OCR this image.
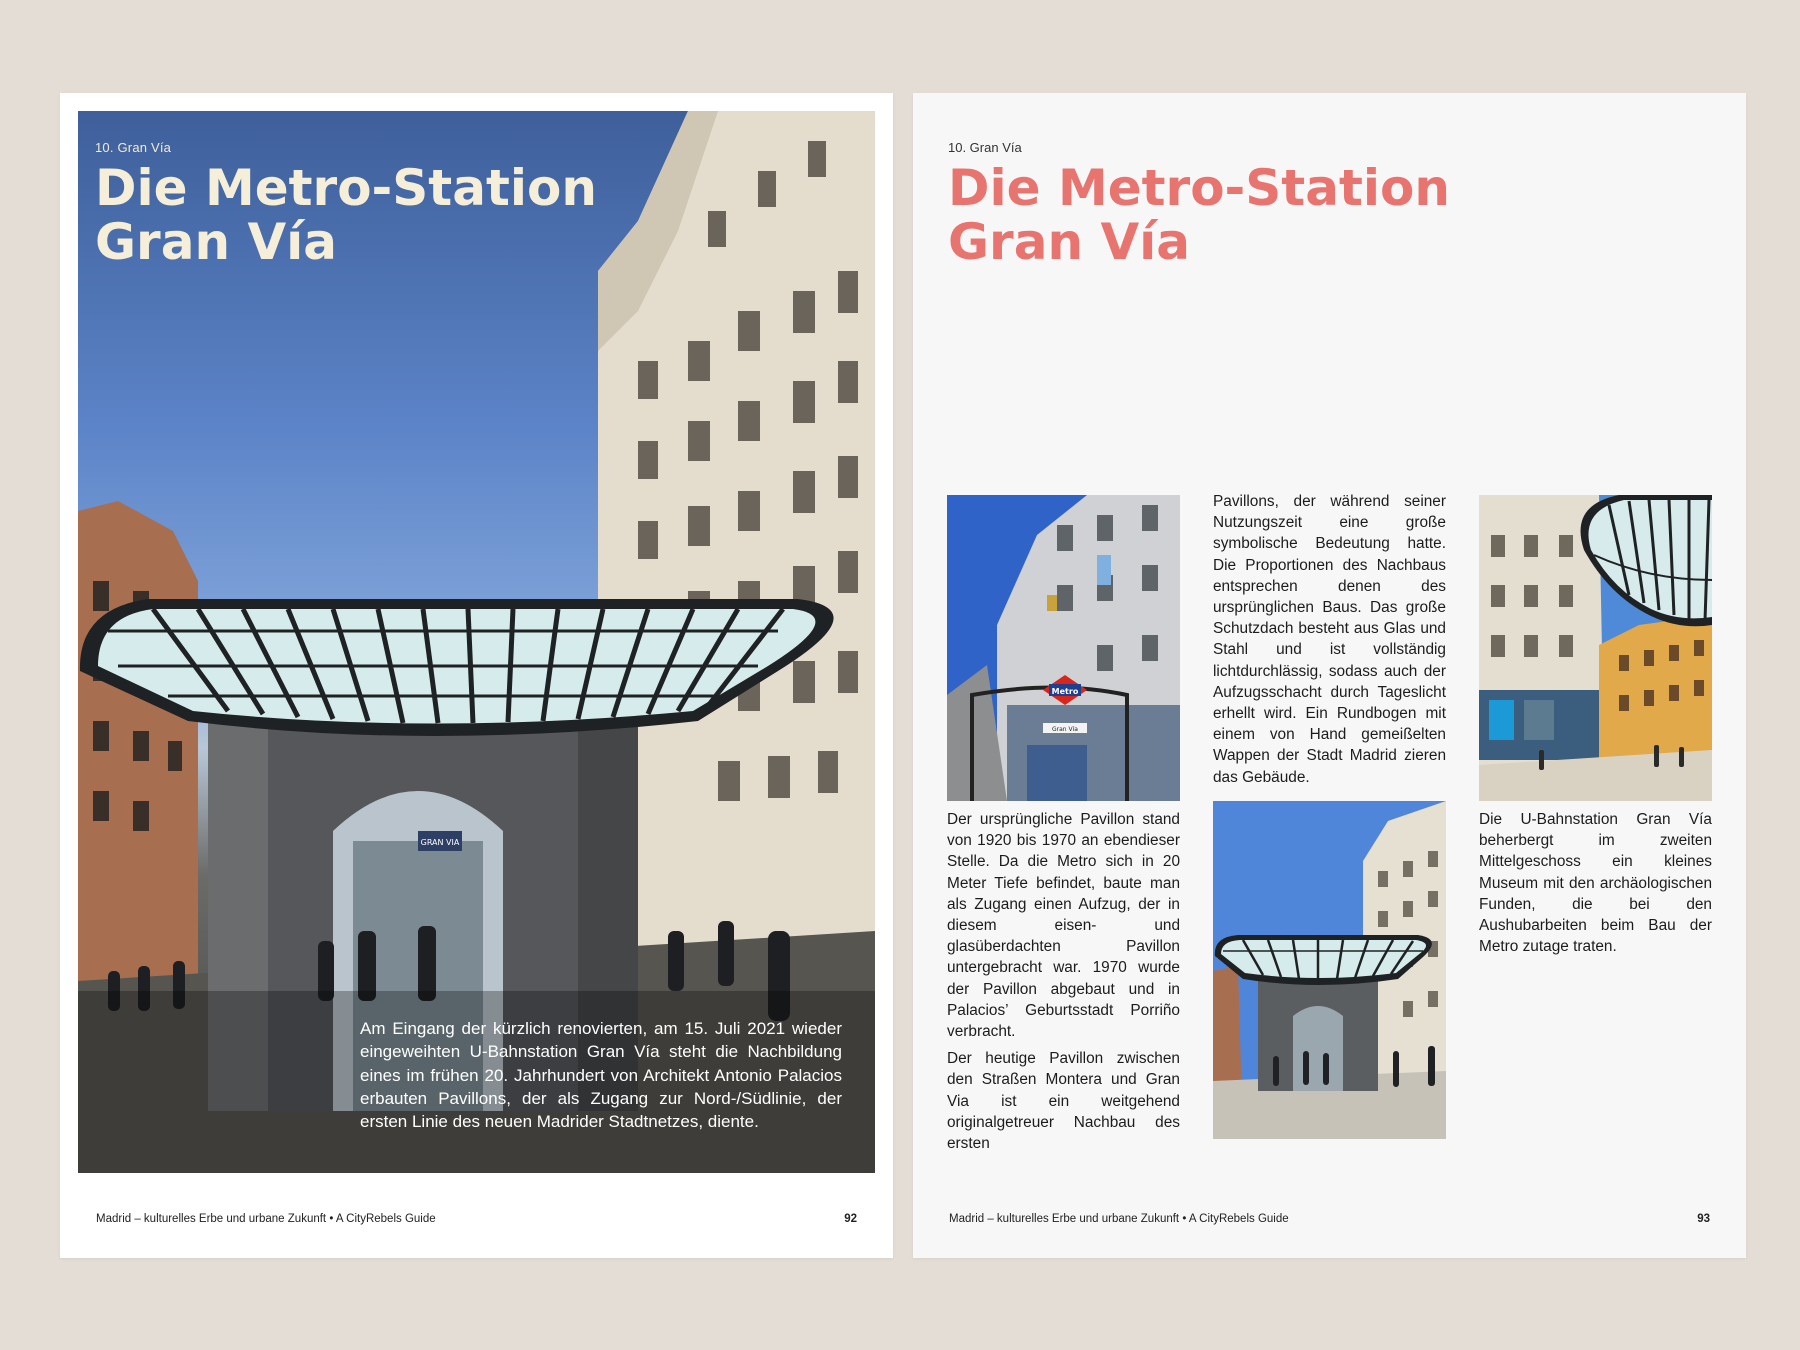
GRAN VIA
10. Gran Vía
Die Metro-Station
Gran Vía

Am Eingang der kürzlich renovierten, am 15. Juli 2021 wieder eingeweihten U-Bahnstation Gran Vía steht die Nachbildung eines im frühen 20. Jahrhundert von Architekt Antonio Palacios erbauten Pavillons, der als Zugang zur Nord-/Südlinie, der ersten Linie des neuen Madrider Stadtnetzes, diente.

Madrid – kulturelles Erbe und urbane Zukunft • A CityRebels Guide	92
10. Gran Vía
Die Metro-Station
Gran Vía
Metro
Gran Vía

Der ursprüngliche Pavillon stand von 1920 bis 1970 an ebendieser Stelle. Da die Metro sich in 20 Meter Tiefe befindet, baute man als Zugang einen Aufzug, der in diesem eisen- und glasüberdachten Pavillon untergebracht war. 1970 wurde der Pavillon abgebaut und in Palacios’ Geburtsstadt Porriño verbracht.

Der heutige Pavillon zwischen den Straßen Montera und Gran Via ist ein weitgehend originalgetreuer Nachbau des ersten

Pavillons, der während seiner Nutzungszeit eine große symbolische Bedeutung hatte. Die Proportionen des Nachbaus entsprechen denen des ursprünglichen Baus. Das große Schutzdach besteht aus Glas und Stahl und ist vollständig lichtdurchlässig, sodass auch der Aufzugsschacht durch Tageslicht erhellt wird. Ein Rundbogen mit einem von Hand gemeißelten Wappen der Stadt Madrid zieren das Gebäude.

Die U-Bahnstation Gran Vía beherbergt im zweiten Mittelgeschoss ein kleines Museum mit den archäologischen Funden, die bei den Aushubarbeiten beim Bau der Metro zutage traten.

Madrid – kulturelles Erbe und urbane Zukunft • A CityRebels Guide	93
